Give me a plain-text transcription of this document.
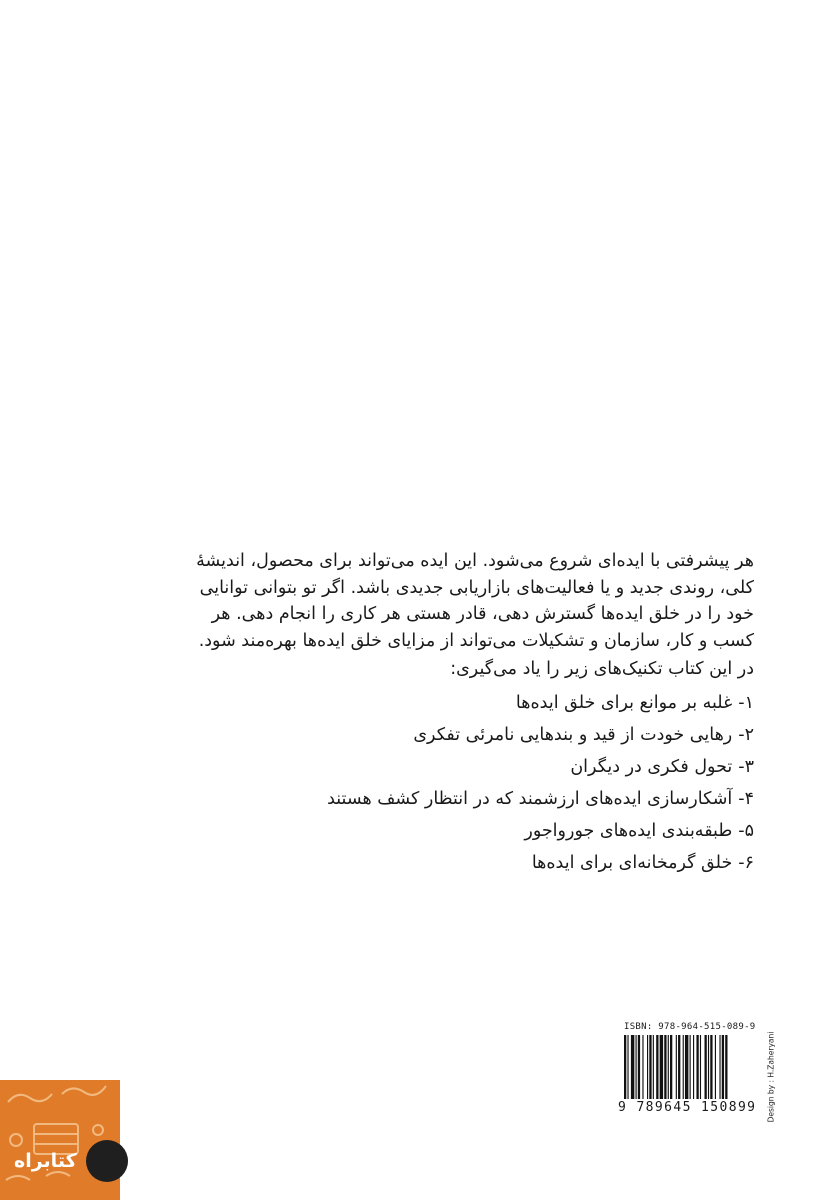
هر پیشرفتی با ایده‌ای شروع می‌شود. این ایده می‌تواند برای محصول، اندیشهٔ
کلی، روندی جدید و یا فعالیت‌های بازاریابی جدیدی باشد. اگر تو بتوانی توانایی
خود را در خلق ایده‌ها گسترش دهی، قادر هستی هر کاری را انجام دهی. هر
کسب و کار، سازمان و تشکیلات می‌تواند از مزایای خلق ایده‌ها بهره‌مند شود.

در این کتاب تکنیک‌های زیر را یاد می‌گیری:

۱-غلبه بر موانع برای خلق ایده‌ها
۲-رهایی خودت از قید و بندهایی نامرئی تفکری
۳-تحول فکری در دیگران
۴-آشکارسازی ایده‌های ارزشمند که در انتظار کشف هستند
۵-طبقه‌بندی ایده‌های جورواجور
۶-خلق گرمخانه‌ای برای ایده‌ها
ISBN: 978-964-515-089-9
9 789645 150899	Design by : H.Zaheryani
کتابراه
